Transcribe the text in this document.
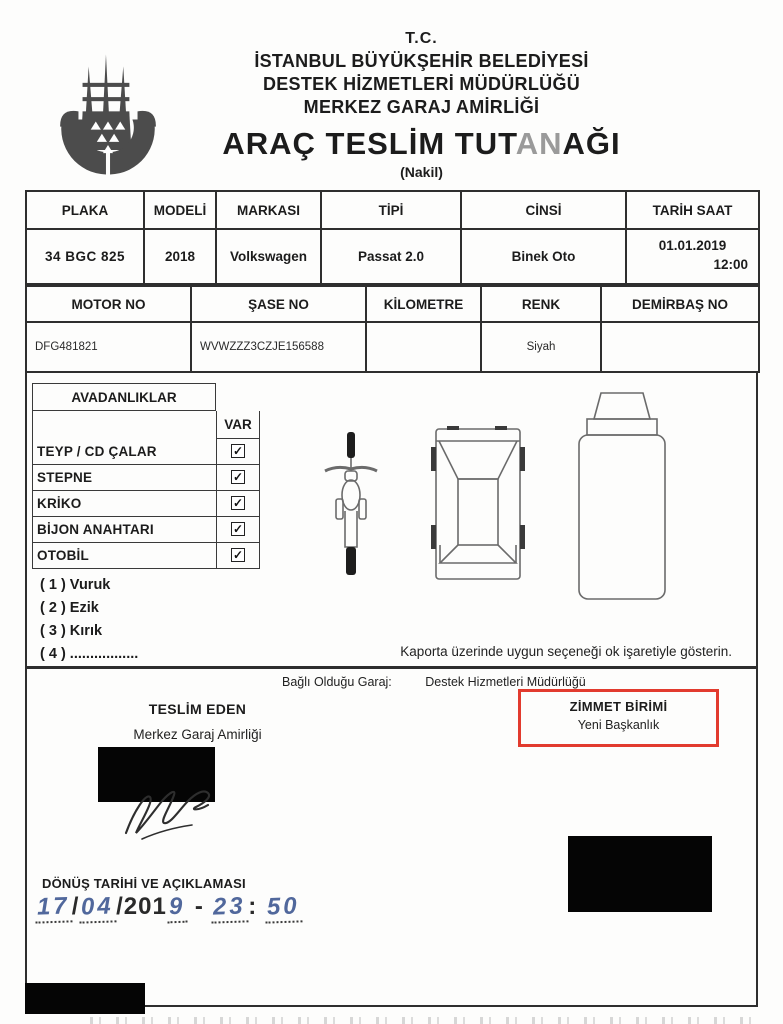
T.C.
İSTANBUL BÜYÜKŞEHİR BELEDİYESİ
DESTEK HİZMETLERİ MÜDÜRLÜĞÜ
MERKEZ GARAJ AMİRLİĞİ
ARAÇ TESLİM TUTANAĞI
(Nakil)
PLAKA	MODELİ	MARKASI	TİPİ	CİNSİ	TARİH SAAT
34 BGC 825	2018	Volkswagen	Passat 2.0	Binek Oto	01.01.2019
12:00
MOTOR NO	ŞASE NO	KİLOMETRE	RENK	DEMİRBAŞ NO
DFG481821	WVWZZZ3CZJE156588		Siyah	
AVADANLIKLAR
VAR
TEYP / CD ÇALAR	✓
STEPNE	✓
KRİKO	✓
BİJON ANAHTARI	✓
OTOBİL	✓
( 1 ) Vuruk
( 2 ) Ezik
( 3 ) Kırık
( 4 ) .................	Kaporta üzerinde uygun seçeneği ok işaretiyle gösterin.
Bağlı Olduğu Garaj:	Destek Hizmetleri Müdürlüğü
TESLİM EDEN
Merkez Garaj Amirliği
ZİMMET BİRİMİ
Yeni Başkanlık
DÖNÜŞ TARİHİ VE AÇIKLAMASI
17/04/2019 - 23: 50
